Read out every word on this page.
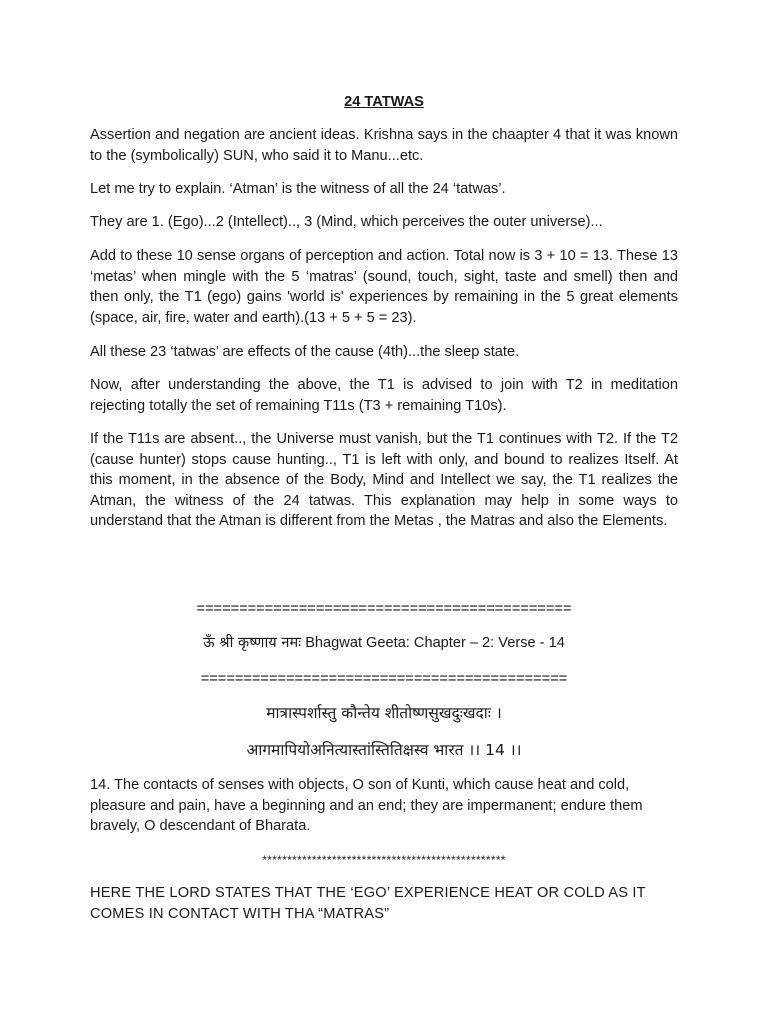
24 TATWAS

Assertion and negation are ancient ideas. Krishna says in the chaapter 4 that it was known to the (symbolically) SUN, who said it to Manu...etc.

Let me try to explain. ‘Atman’ is the witness of all the 24 ‘tatwas’.

They are 1. (Ego)...2 (Intellect).., 3 (Mind, which perceives the outer universe)...

Add to these 10 sense organs of perception and action. Total now is 3 + 10 = 13. These 13 ‘metas’ when mingle with the 5 ‘matras’ (sound, touch, sight, taste and smell) then and then only, the T1 (ego) gains 'world is' experiences by remaining in the 5 great elements (space, air, fire, water and earth).(13 + 5 + 5 = 23).

All these 23 ‘tatwas’ are effects of the cause (4th)...the sleep state.

Now, after understanding the above, the T1 is advised to join with T2 in meditation rejecting totally the set of remaining T11s (T3 + remaining T10s).

If the T11s are absent.., the Universe must vanish, but the T1 continues with T2. If the T2 (cause hunter) stops cause hunting.., T1 is left with only, and bound to realizes Itself. At this moment, in the absence of the Body, Mind and Intellect we say, the T1 realizes the Atman, the witness of the 24 tatwas. This explanation may help in some ways to understand that the Atman is different from the Metas , the Matras and also the Elements.

============================================

ऊँ श्री कृष्णाय नमः Bhagwat Geeta: Chapter – 2: Verse - 14

===========================================

मात्रास्पर्शास्तु कौन्तेय शीतोष्णसुखदुःखदाः ।

आगमापियोअनित्यास्तांस्तितिक्षस्व भारत ।। 14 ।।

14. The contacts of senses with objects, O son of Kunti, which cause heat and cold, pleasure and pain, have a beginning and an end; they are impermanent; endure them bravely, O descendant of Bharata.

*************************************************

HERE THE LORD STATES THAT THE ‘EGO’ EXPERIENCE HEAT OR COLD AS IT COMES IN CONTACT WITH THA “MATRAS”
